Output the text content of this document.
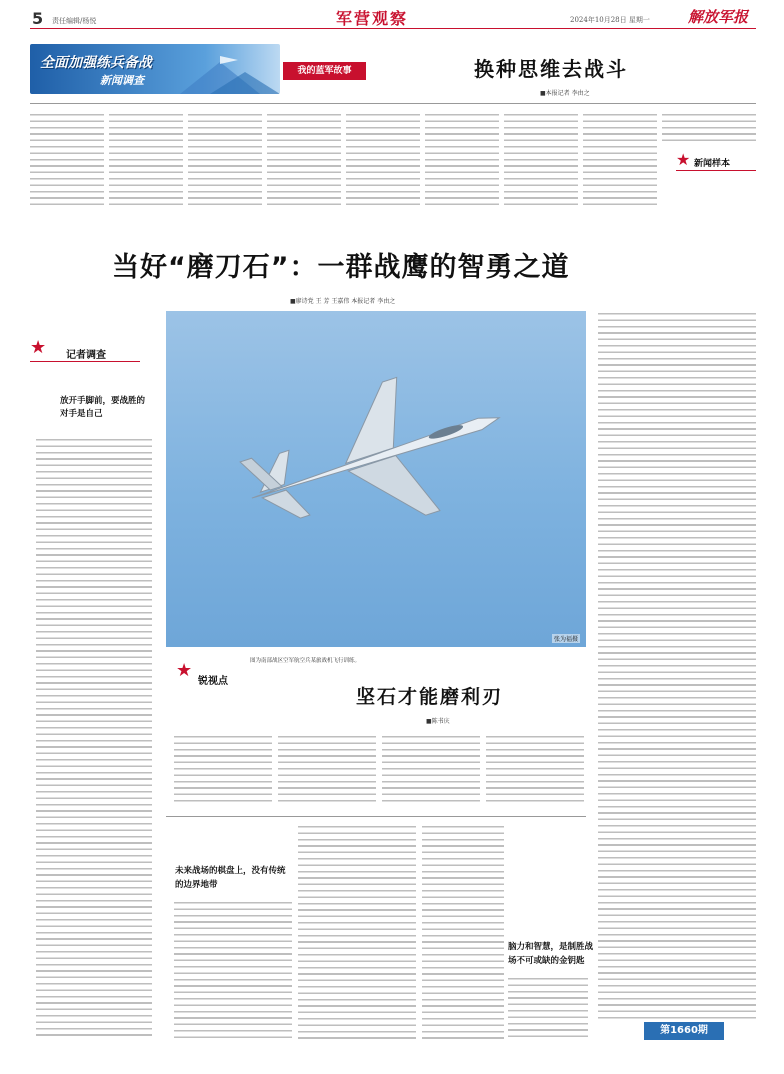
5 责任编辑/杨悦	军营观察	2024年10月28日 星期一	解放军报
全面加强练兵备战
新闻调查
我的蓝军故事	换种思维去战斗
■本报记者 李由之
★ 新闻样本
当好“磨刀石”：一群战鹰的智勇之道
■廖诗党 王 芳 王嘉伟 本报记者 李由之
★ 记者调查
放开手脚前，要战胜的对手是自己
张为福摄
图为南部战区空军航空兵某旅战机飞行训练。
★
锐视点
坚石才能磨利刃
■陈书庆
未来战场的棋盘上，没有传统的边界地带
脑力和智慧，是制胜战场不可或缺的金钥匙
第1660期
